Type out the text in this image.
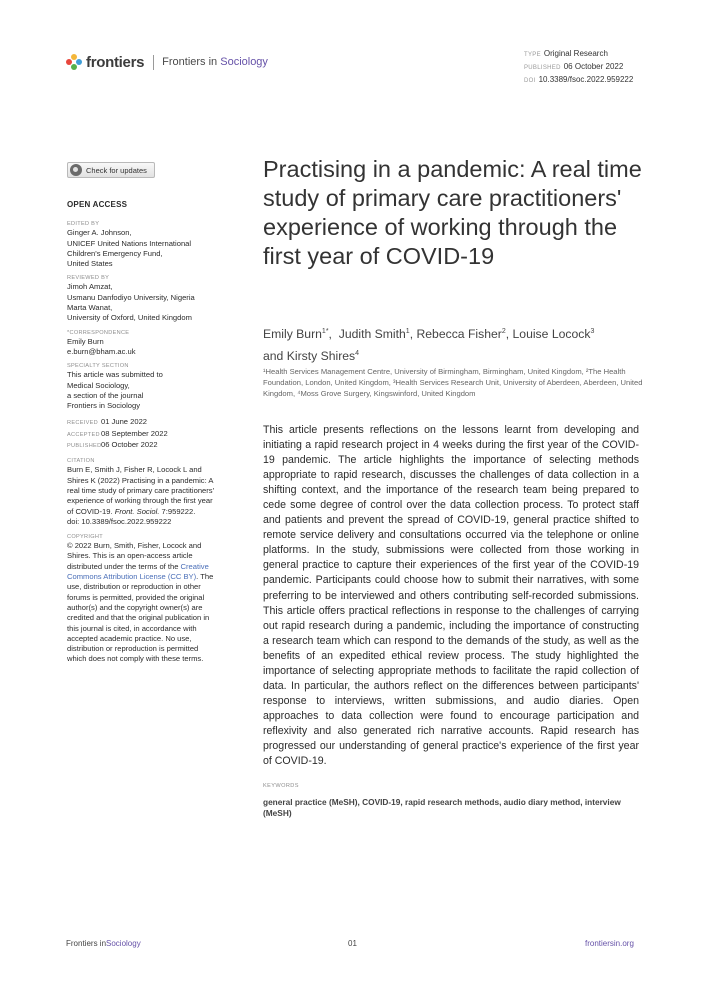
frontiers Frontiers in Sociology
TYPE Original Research
PUBLISHED 06 October 2022
DOI 10.3389/fsoc.2022.959222
Check for updates
OPEN ACCESS
EDITED BY

Ginger A. Johnson,

UNICEF United Nations International

Children's Emergency Fund,

United States

REVIEWED BY

Jimoh Amzat,

Usmanu Danfodiyo University, Nigeria

Marta Wanat,

University of Oxford, United Kingdom

*CORRESPONDENCE

Emily Burn

e.burn@bham.ac.uk

SPECIALTY SECTION

This article was submitted to

Medical Sociology,

a section of the journal

Frontiers in Sociology

RECEIVED 01 June 2022

ACCEPTED08 September 2022

PUBLISHED06 October 2022

CITATION

Burn E, Smith J, Fisher R, Locock L and Shires K (2022) Practising in a pandemic: A real time study of primary care practitioners' experience of working through the first year of COVID-19. Front. Sociol. 7:959222.
doi: 10.3389/fsoc.2022.959222

COPYRIGHT

© 2022 Burn, Smith, Fisher, Locock and Shires. This is an open-access article distributed under the terms of the Creative Commons Attribution License (CC BY). The use, distribution or reproduction in other forums is permitted, provided the original author(s) and the copyright owner(s) are credited and that the original publication in this journal is cited, in accordance with accepted academic practice. No use, distribution or reproduction is permitted which does not comply with these terms.

Practising in a pandemic: A real time study of primary care practitioners' experience of working through the first year of COVID-19
Emily Burn$^{1*}$,  Judith Smith$^1$, Rebecca Fisher$^2$, Louise Locock$^3$
and Kirsty Shires$^4$
¹Health Services Management Centre, University of Birmingham, Birmingham, United Kingdom, ²The Health Foundation, London, United Kingdom, ³Health Services Research Unit, University of Aberdeen, Aberdeen, United Kingdom, ⁴Moss Grove Surgery, Kingswinford, United Kingdom
This article presents reflections on the lessons learnt from developing and initiating a rapid research project in 4 weeks during the first year of the COVID-19 pandemic. The article highlights the importance of selecting methods appropriate to rapid research, discusses the challenges of data collection in a shifting context, and the importance of the research team being prepared to cede some degree of control over the data collection process. To protect staff and patients and prevent the spread of COVID-19, general practice shifted to remote service delivery and consultations occurred via the telephone or online platforms. In the study, submissions were collected from those working in general practice to capture their experiences of the first year of the COVID-19 pandemic. Participants could choose how to submit their narratives, with some preferring to be interviewed and others contributing self-recorded submissions. This article offers practical reflections in response to the challenges of carrying out rapid research during a pandemic, including the importance of constructing a research team which can respond to the demands of the study, as well as the benefits of an expedited ethical review process. The study highlighted the importance of selecting appropriate methods to facilitate the rapid collection of data. In particular, the authors reflect on the differences between participants' response to interviews, written submissions, and audio diaries. Open approaches to data collection were found to encourage participation and reflexivity and also generated rich narrative accounts. Rapid research has progressed our understanding of general practice's experience of the first year of COVID-19.
KEYWORDS
general practice (MeSH), COVID-19, rapid research methods, audio diary method, interview (MeSH)
Frontiers inSociology	01	frontiersin.org
